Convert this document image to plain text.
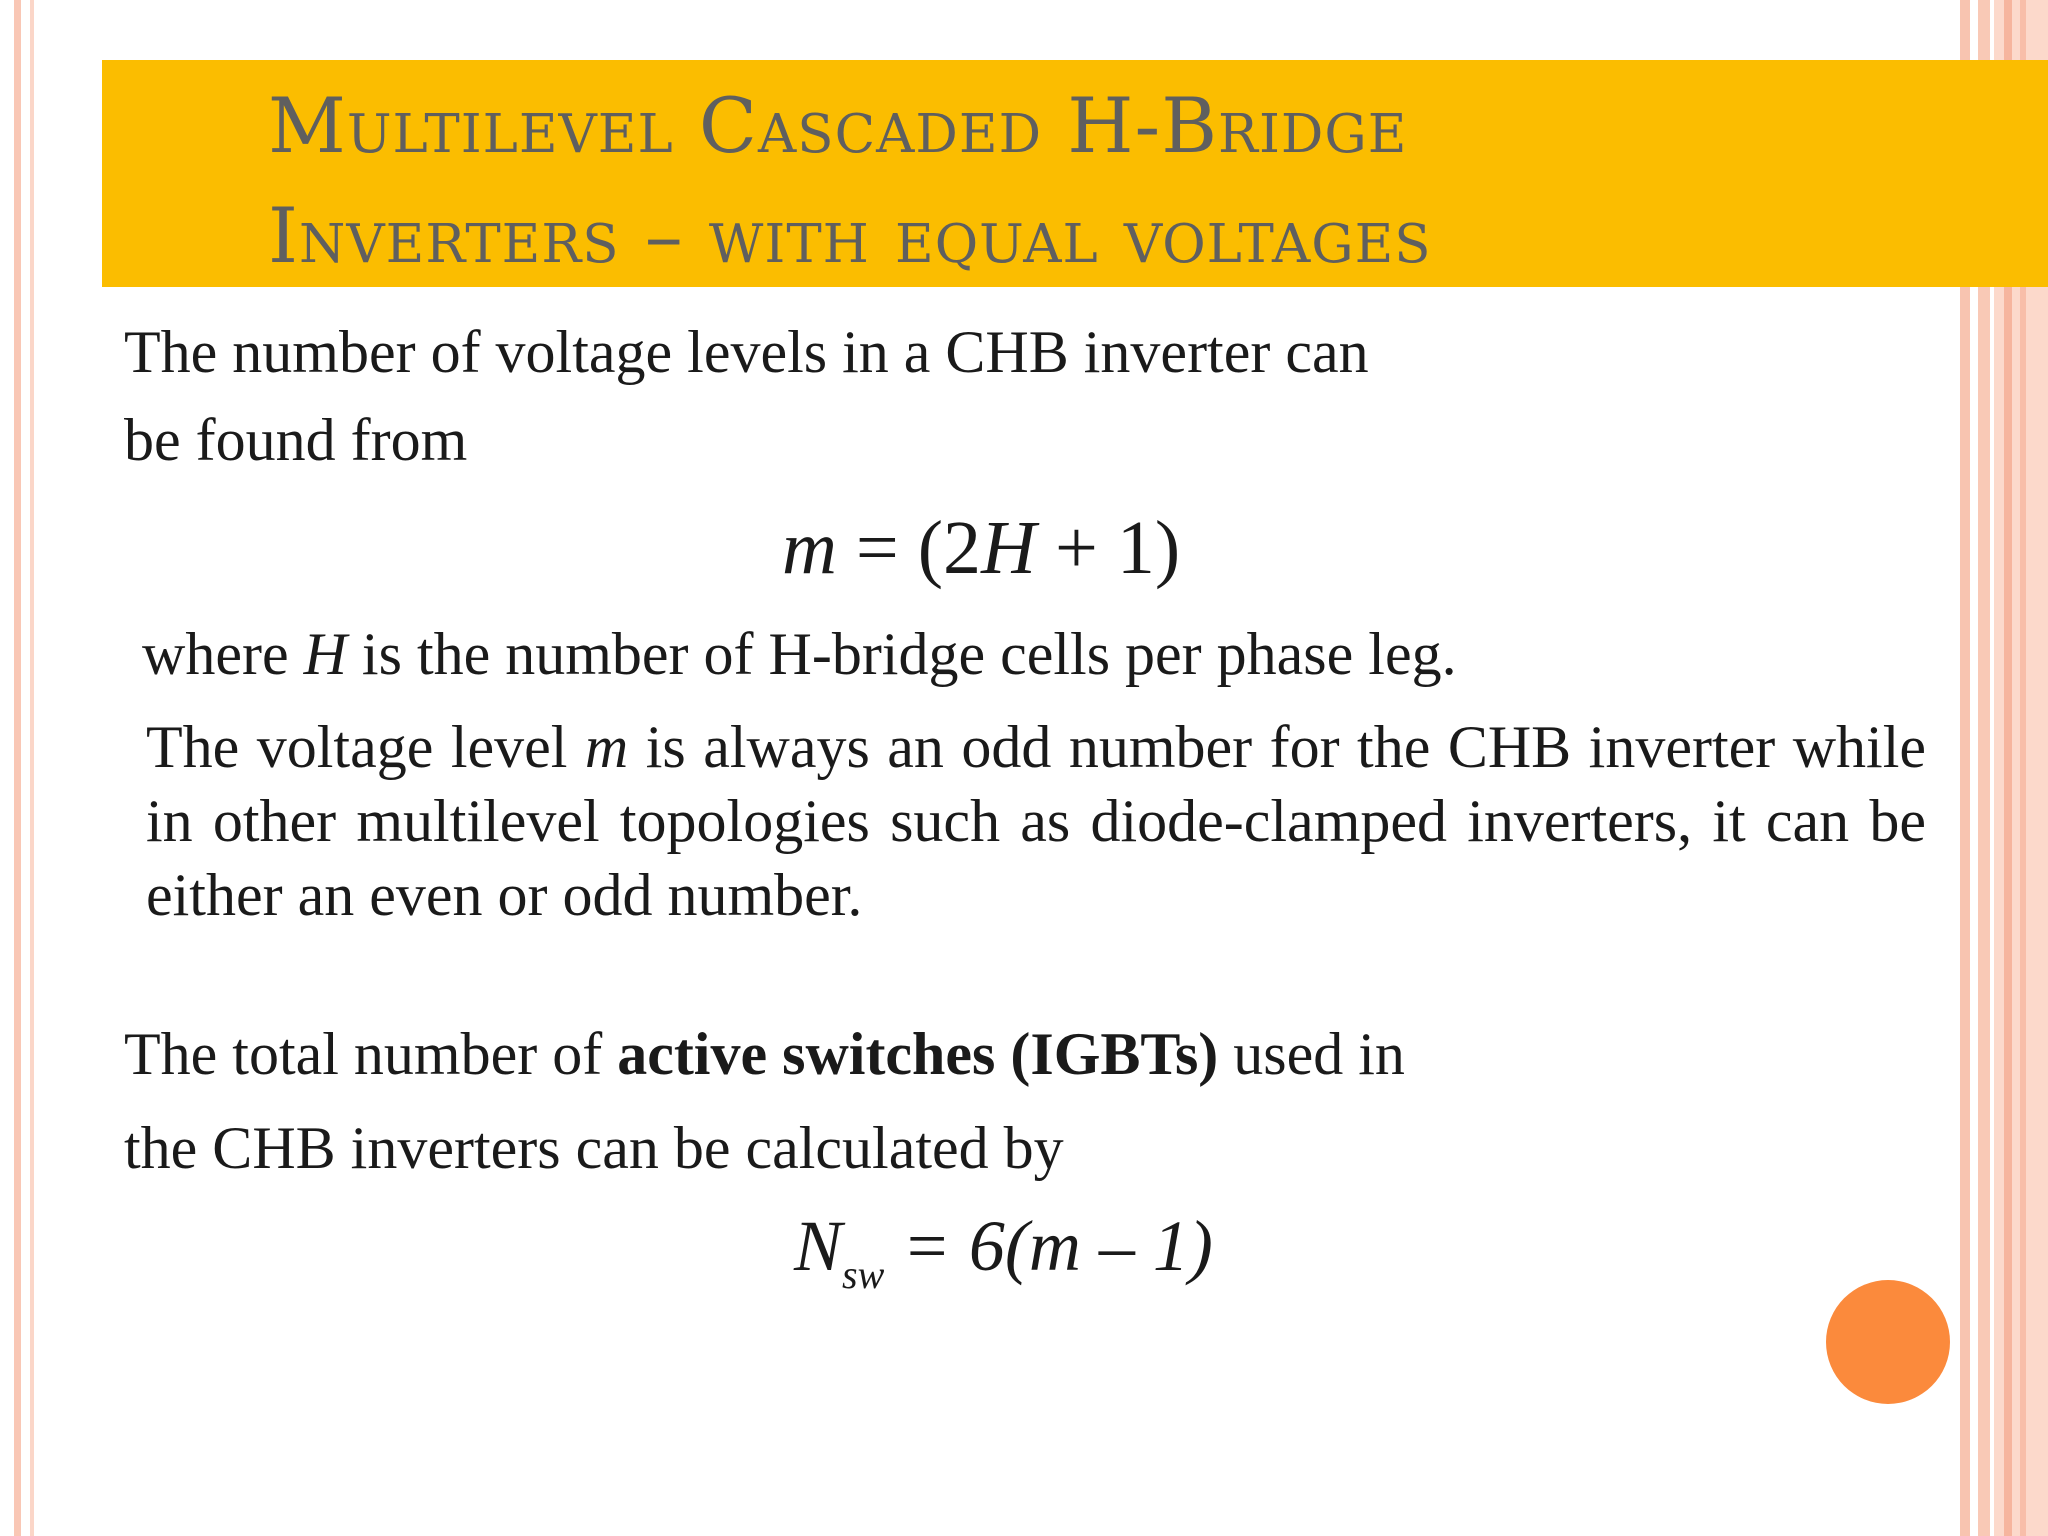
Multilevel Cascaded H-Bridge
Inverters – with equal voltages
The number of voltage levels in a CHB inverter can
be found from
m = (2H + 1)
where H is the number of H-bridge cells per phase leg.
The voltage level m is always an odd number for the CHB inverter while in other multilevel topologies such as diode-clamped inverters, it can be either an even or odd number.
The total number of active switches (IGBTs) used in
the CHB inverters can be calculated by
$N_{sw} = 6(m - 1)$
